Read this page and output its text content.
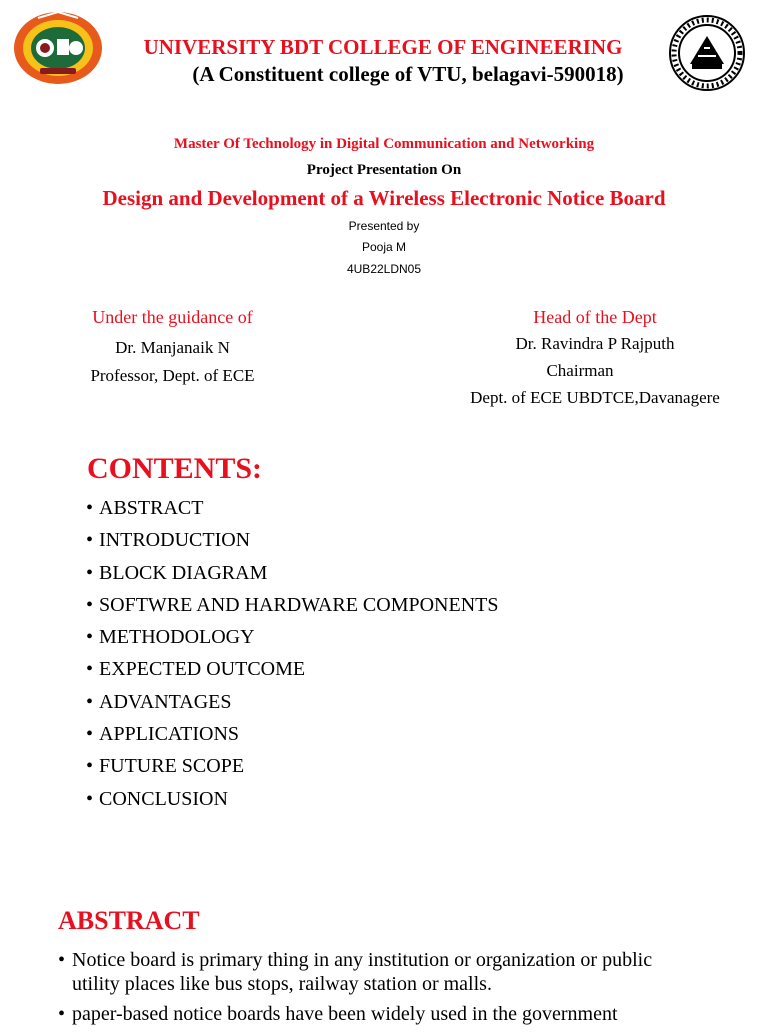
UNIVERSITY BDT COLLEGE OF ENGINEERING
(A Constituent college of VTU, belagavi-590018)
Master Of Technology in Digital Communication and Networking
Project Presentation On
Design and Development of a Wireless Electronic Notice Board
Presented by
Pooja M
4UB22LDN05
Under the guidance of
Dr. Manjanaik N
Professor, Dept. of ECE
Head of the Dept
Dr. Ravindra P Rajputh
Chairman
Dept. of ECE UBDTCE,Davanagere
CONTENTS:
• ABSTRACT
• INTRODUCTION
• BLOCK DIAGRAM
• SOFTWRE AND HARDWARE COMPONENTS
• METHODOLOGY
• EXPECTED OUTCOME
• ADVANTAGES
• APPLICATIONS
• FUTURE SCOPE
• CONCLUSION
ABSTRACT
• Notice board is primary thing in any institution or organization or public utility places like bus stops, railway station or malls.
• paper-based notice boards have been widely used in the government
